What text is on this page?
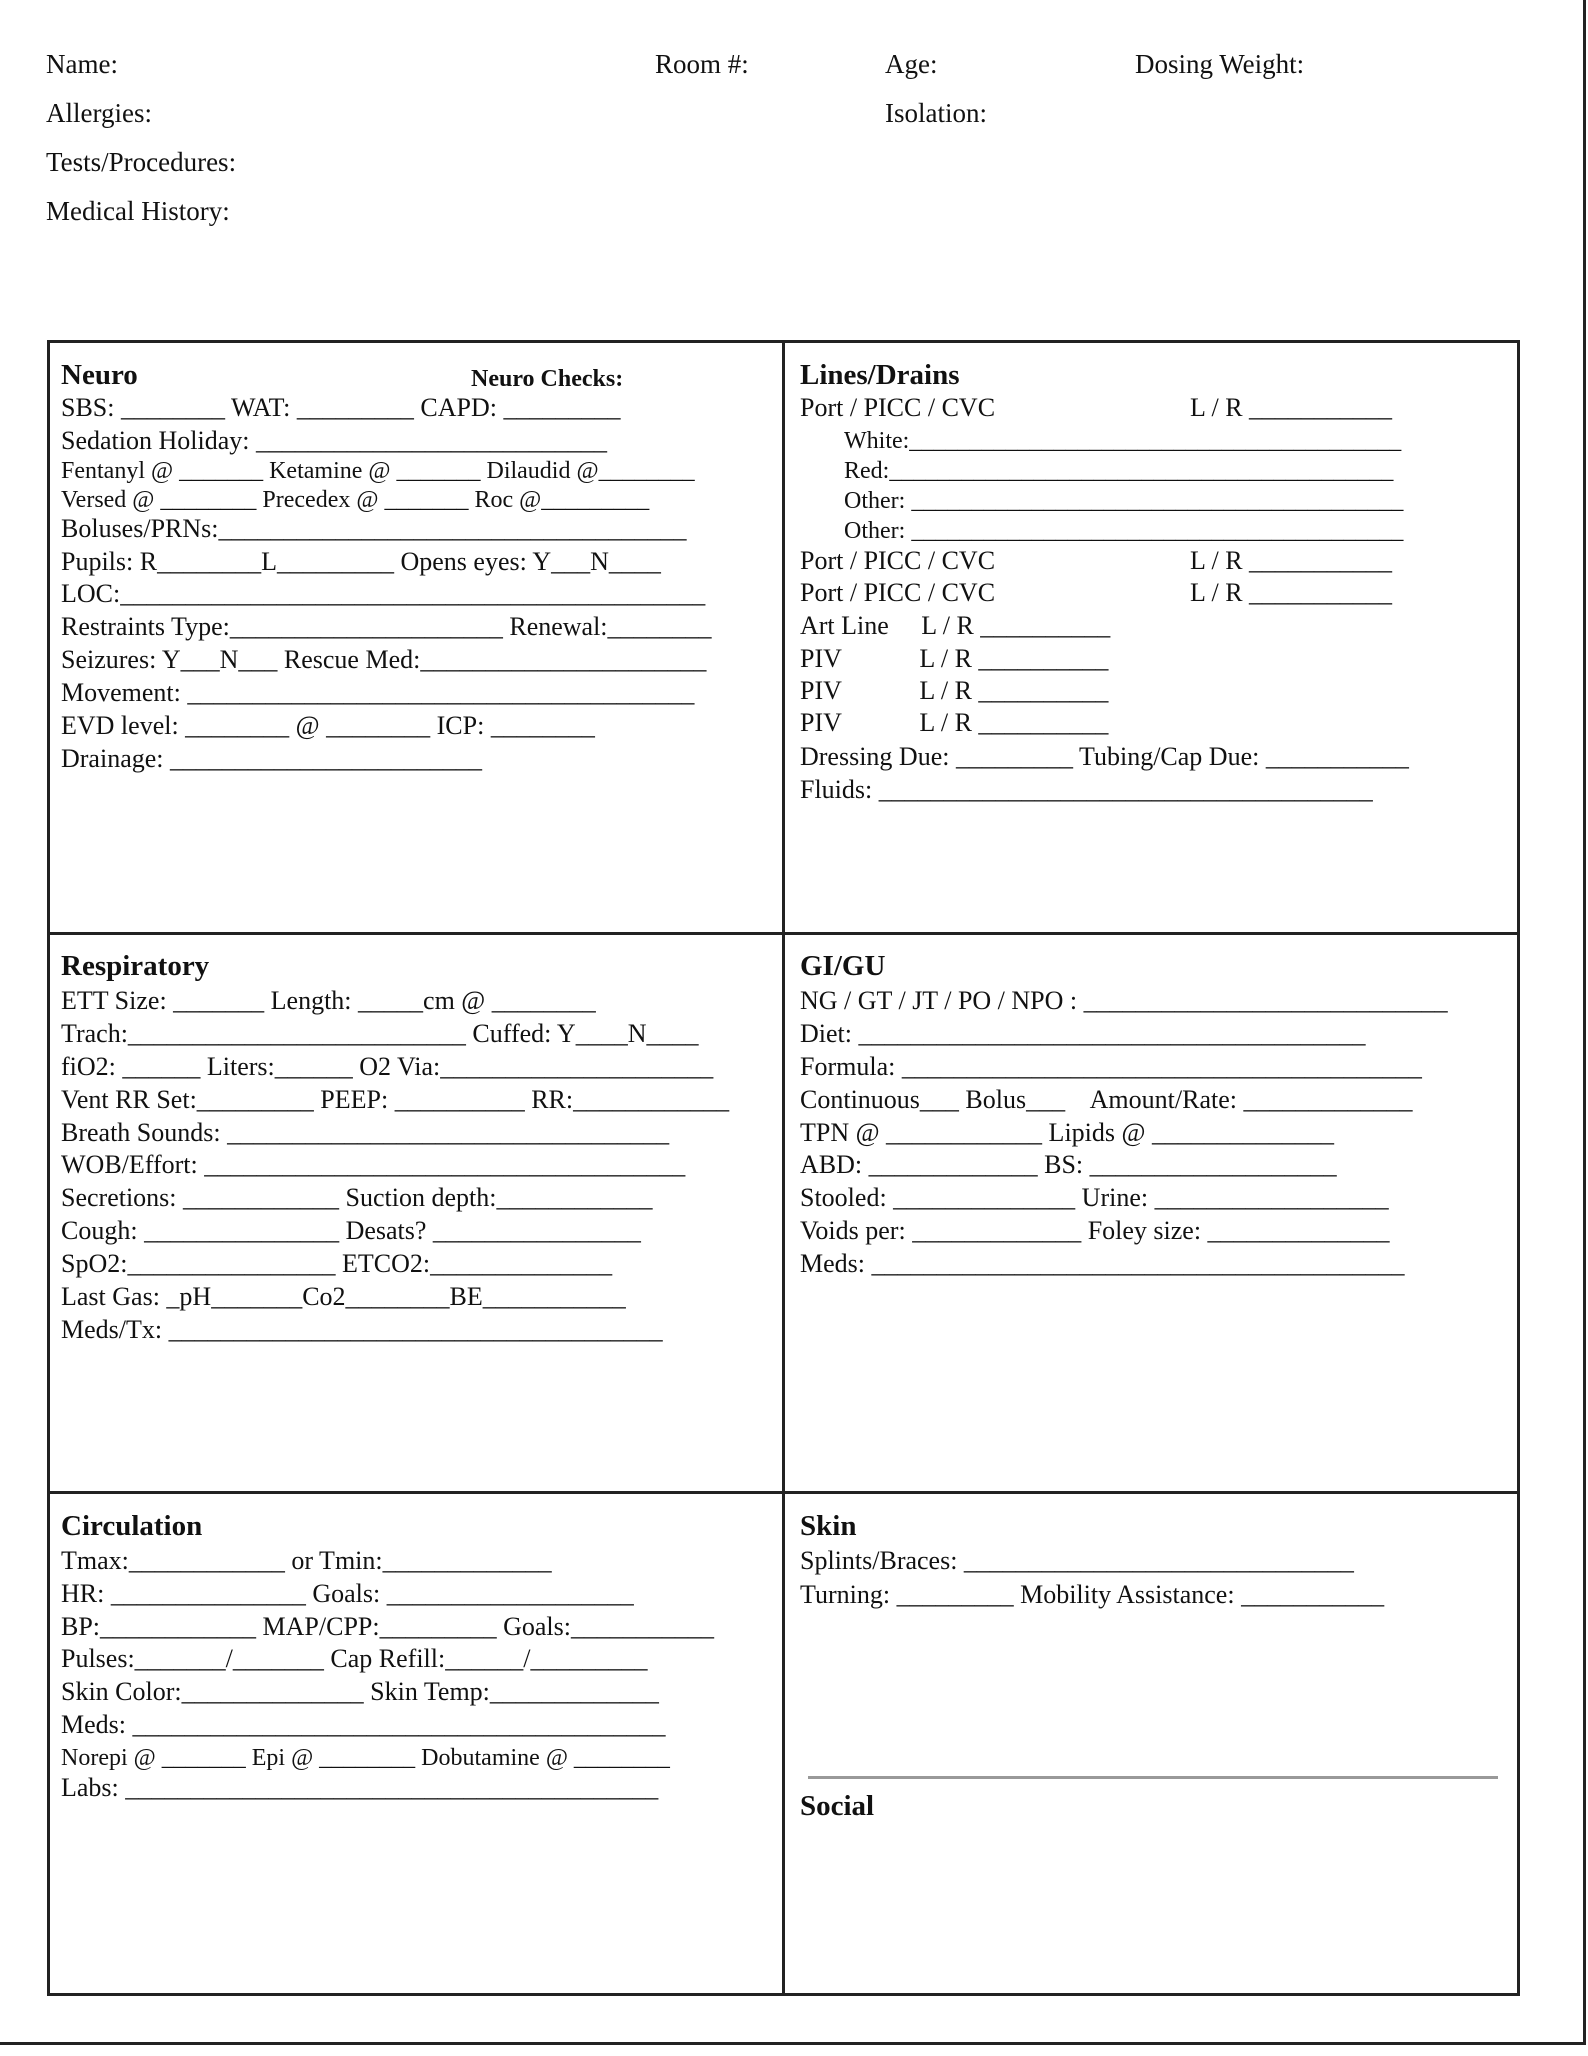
Name:	Room #:	Age:	Dosing Weight:
Allergies:	Isolation:
Tests/Procedures:
Medical History:
Neuro	Neuro Checks:
SBS: ________ WAT: _________ CAPD: _________
Sedation Holiday: ___________________________
Fentanyl @ _______ Ketamine @ _______ Dilaudid @________
Versed @ ________ Precedex @ _______ Roc @_________
Boluses/PRNs:____________________________________
Pupils: R________L_________ Opens eyes: Y___N____
LOC:_____________________________________________
Restraints Type:_____________________ Renewal:________
Seizures: Y___N___ Rescue Med:______________________
Movement: _______________________________________
EVD level: ________ @ ________ ICP: ________
Drainage: ________________________
Lines/Drains
Port / PICC / CVC                              L / R ___________
White:_________________________________________
Red:__________________________________________
Other: _________________________________________
Other: _________________________________________
Port / PICC / CVC                              L / R ___________
Port / PICC / CVC                              L / R ___________
Art Line     L / R __________
PIV            L / R __________
PIV            L / R __________
PIV            L / R __________
Dressing Due: _________ Tubing/Cap Due: ___________
Fluids: ______________________________________
Respiratory
ETT Size: _______ Length: _____cm @ ________
Trach:__________________________ Cuffed: Y____N____
fiO2: ______ Liters:______ O2 Via:_____________________
Vent RR Set:_________ PEEP: __________ RR:____________
Breath Sounds: __________________________________
WOB/Effort: _____________________________________
Secretions: ____________ Suction depth:____________
Cough: _______________ Desats? ________________
SpO2:________________ ETCO2:______________
Last Gas: _pH_______Co2________BE___________
Meds/Tx: ______________________________________
GI/GU
NG / GT / JT / PO / NPO : ____________________________
Diet: _______________________________________
Formula: ________________________________________
Continuous___ Bolus___    Amount/Rate: _____________
TPN @ ____________ Lipids @ ______________
ABD: _____________ BS: ___________________
Stooled: ______________ Urine: __________________
Voids per: _____________ Foley size: ______________
Meds: _________________________________________
Circulation
Tmax:____________ or Tmin:_____________
HR: _______________ Goals: ___________________
BP:____________ MAP/CPP:_________ Goals:___________
Pulses:_______/_______ Cap Refill:______/_________
Skin Color:______________ Skin Temp:_____________
Meds: _________________________________________
Norepi @ _______ Epi @ ________ Dobutamine @ ________
Labs: _________________________________________
Skin
Splints/Braces: ______________________________
Turning: _________ Mobility Assistance: ___________
Social
